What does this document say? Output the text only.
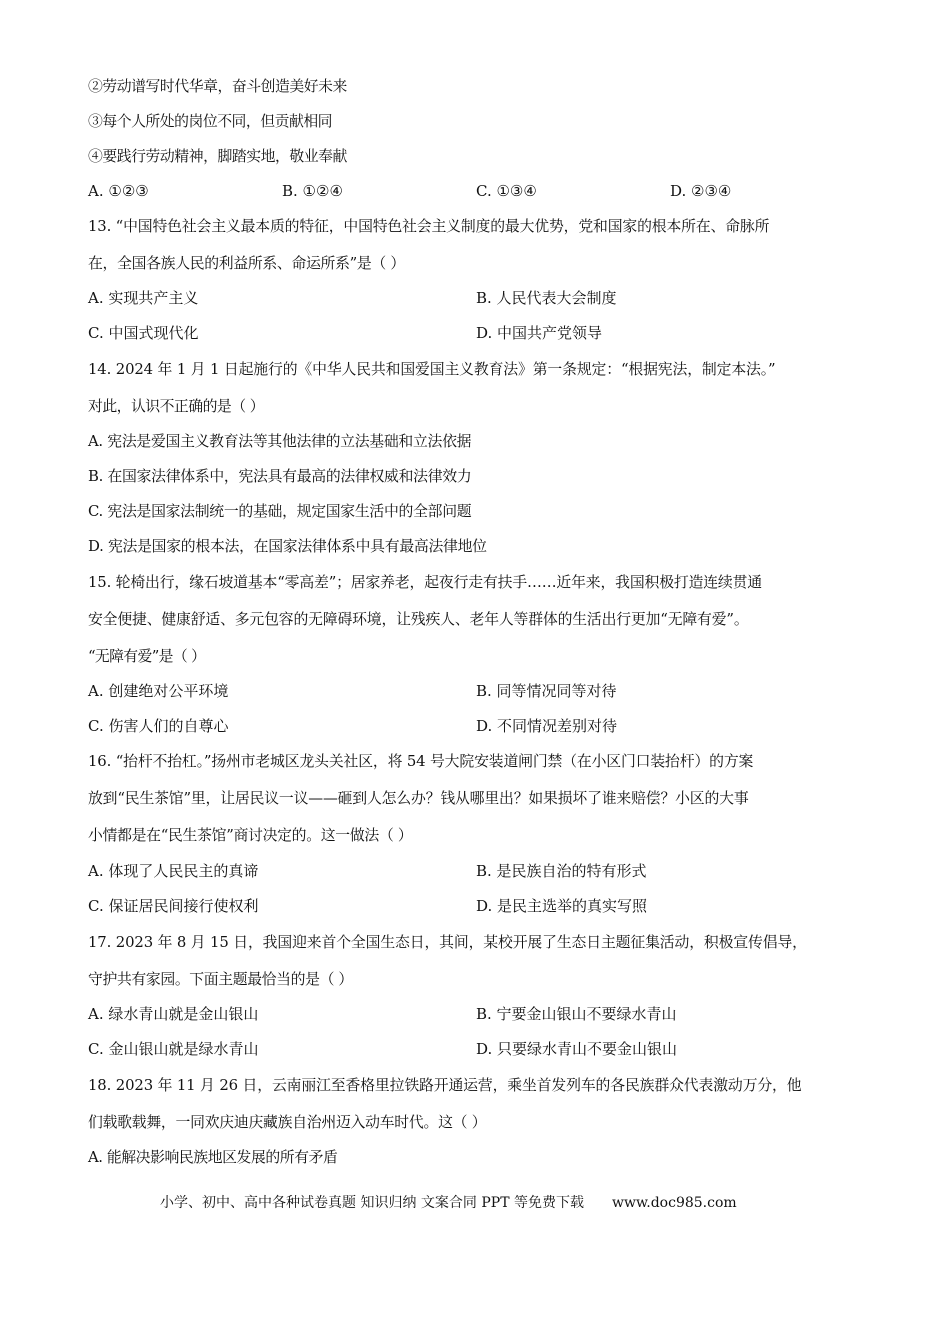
②劳动谱写时代华章，奋斗创造美好未来
③每个人所处的岗位不同，但贡献相同
④要践行劳动精神，脚踏实地，敬业奉献
A. ①②③	B. ①②④	C. ①③④	D. ②③④
13. “中国特色社会主义最本质的特征，中国特色社会主义制度的最大优势，党和国家的根本所在、命脉所
在，全国各族人民的利益所系、命运所系”是（ ）
A. 实现共产主义	B. 人民代表大会制度
C. 中国式现代化	D. 中国共产党领导
14. 2024 年 1 月 1 日起施行的《中华人民共和国爱国主义教育法》第一条规定：“根据宪法，制定本法。”
对此，认识不正确的是（ ）
A. 宪法是爱国主义教育法等其他法律的立法基础和立法依据
B. 在国家法律体系中，宪法具有最高的法律权威和法律效力
C. 宪法是国家法制统一的基础，规定国家生活中的全部问题
D. 宪法是国家的根本法，在国家法律体系中具有最高法律地位
15. 轮椅出行，缘石坡道基本“零高差”；居家养老，起夜行走有扶手……近年来，我国积极打造连续贯通
安全便捷、健康舒适、多元包容的无障碍环境，让残疾人、老年人等群体的生活出行更加“无障有爱”。
“无障有爱”是（ ）
A. 创建绝对公平环境	B. 同等情况同等对待
C. 伤害人们的自尊心	D. 不同情况差别对待
16. “抬杆不抬杠。”扬州市老城区龙头关社区，将 54 号大院安装道闸门禁（在小区门口装抬杆）的方案
放到“民生茶馆”里，让居民议一议——砸到人怎么办？钱从哪里出？如果损坏了谁来赔偿？小区的大事
小情都是在“民生茶馆”商讨决定的。这一做法（ ）
A. 体现了人民民主的真谛	B. 是民族自治的特有形式
C. 保证居民间接行使权利	D. 是民主选举的真实写照
17. 2023 年 8 月 15 日，我国迎来首个全国生态日，其间，某校开展了生态日主题征集活动，积极宣传倡导，
守护共有家园。下面主题最恰当的是（ ）
A. 绿水青山就是金山银山	B. 宁要金山银山不要绿水青山
C. 金山银山就是绿水青山	D. 只要绿水青山不要金山银山
18. 2023 年 11 月 26 日，云南丽江至香格里拉铁路开通运营，乘坐首发列车的各民族群众代表激动万分，他
们载歌载舞，一同欢庆迪庆藏族自治州迈入动车时代。这（ ）
A. 能解决影响民族地区发展的所有矛盾
小学、初中、高中各种试卷真题 知识归纳 文案合同 PPT 等免费下载 www.doc985.com
